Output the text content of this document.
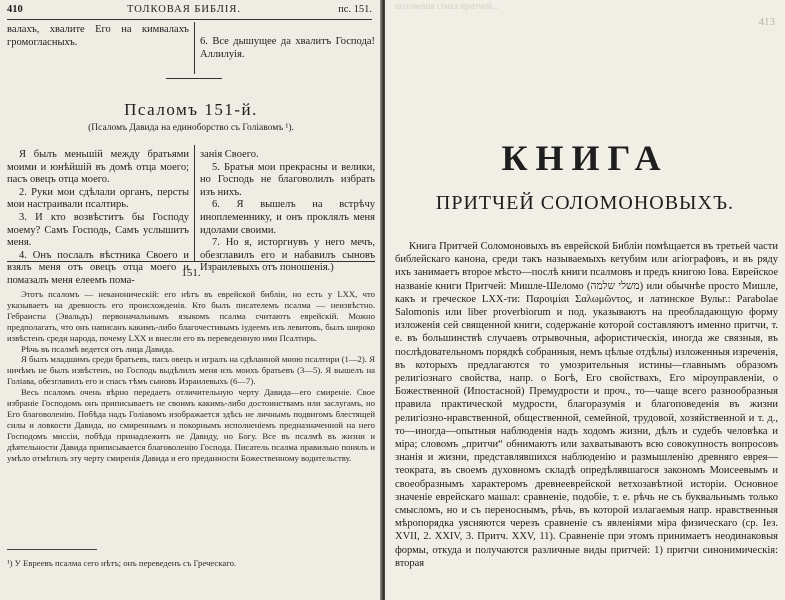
410	ТОЛКОВАЯ БИБЛІЯ.	пс. 151.

валахъ, хвалите Его на кимвалахъ громогласныхъ.	6. Все дышущее да хвалитъ Господа! Аллилуія.

Псаломъ 151-й.
(Псаломъ Давида на единоборство съ Голіавомъ ¹).

Я былъ меньшій между братьями моими и юнѣйшій въ домѣ отца моего; пасъ овецъ отца моего.

2. Руки мои сдѣлали органъ, персты мои настраивали псалтирь.

3. И кто возвѣститъ бы Господу моему? Самъ Господь, Самъ услышитъ меня.

4. Онъ послалъ вѣстника Своего и взялъ меня отъ овецъ отца моего и помазалъ меня елеемъ пома-

занія Своего.

5. Братья мои прекрасны и велики, но Господь не благоволилъ избрать изъ нихъ.

6. Я вышелъ на встрѣчу иноплеменнику, и онъ проклялъ меня идолами своими.

7. Но я, исторгнувъ у него мечъ, обезглавилъ его и набавилъ сыновъ Израилевыхъ отъ поношенія.)

151.

Этотъ псаломъ — неканоническій: его нѣтъ въ еврейской библіи, но есть у LXX, что указываетъ на древность его происхожденія. Кто былъ писателемъ псалма — неизвѣстно. Гебраисты (Эвальдъ) первоначальнымъ языкомъ псалма считаютъ еврейскій. Можно предполагать, что онъ написанъ какимъ-либо благочестивымъ іудеемъ изъ левитовъ, былъ широко извѣстенъ среди народа, почему LXX и внесли его въ переведенную ими Псалтирь.

Рѣчь въ псалмѣ ведется отъ лица Давида.

Я былъ младшимъ среди братьевъ, пасъ овецъ и игралъ на сдѣланной мною псалтири (1—2). Я ничѣмъ не былъ извѣстенъ, но Господь выдѣлилъ меня изъ моихъ братьевъ (3—5). Я вышелъ на Голіава, обезглавилъ его и спасъ тѣмъ сыновъ Израилевыхъ (6—7).

Весь псаломъ очень вѣрно передаетъ отличительную черту Давида—его смиреніе. Свое избраніе Господомъ онъ приписываетъ не своимъ какимъ-либо достоинствамъ или заслугамъ, но Его благоволенію. Побѣда надъ Голіавомъ изображается здѣсь не личнымъ подвигомъ блестящей силы и ловкости Давида, но смиреннымъ и покорнымъ исполненіемъ предназначенной на него Господомъ миссіи, побѣда принадлежитъ не Давиду, но Богу. Все въ псалмѣ въ жизни и дѣятельности Давида приписывается благоволенію Господа. Писатель псалма правильно понялъ и умѣло отмѣтилъ эту черту смиренія Давида и его преданности Божественному водительству.

¹) У Евреевъ псалма сего нѣтъ; онъ переведенъ съ Греческаго.
413
положенія стиха притчей...
КНИГА
ПРИТЧЕЙ СОЛОМОНОВЫХЪ.

Книга Притчей Соломоновыхъ въ еврейской Библіи помѣщается въ третьей части библейскаго канона, среди такъ называемыхъ кетубим или агіографовъ, и въ ряду ихъ занимаетъ второе мѣсто—послѣ книги псалмовъ и предъ книгою Іова. Еврейское названіе книги Притчей: Мишле-Шеломо (משלי שלמה) или обычнѣе просто Мишле, какъ и греческое LXX-ти: Παροιμίαι Σαλωμῶντος, и латинское Вульг.: Parabolae Salomonis или liber proverbiorum и под. указываютъ на преобладающую форму изложенія сей священной книги, содержаніе которой составляютъ именно притчи, т. е. въ большинствѣ случаевъ отрывочныя, афористическія, иногда же связныя, въ послѣдовательномъ порядкѣ собранныя, немъ цѣлые отдѣлы) изложенныя изреченія, въ которыхъ предлагаются то умозрительныя истины—главнымъ образомъ религіознаго свойства, напр. о Богѣ, Его свойствахъ, Его міроуправленіи, о Божественной (Ипостасной) Премудрости и проч., то—чаще всего разнообразныя правила практической мудрости, благоразумія и благоповеденія въ жизни религіозно-нравственной, общественной, семейной, трудовой, хозяйственной и т. д., то—иногда—опытныя наблюденія надъ ходомъ жизни, дѣлъ и судебъ человѣка и міра; словомъ „притчи“ обнимаютъ или захватываютъ всю совокупность вопросовъ знанія и жизни, представлявшихся наблюденію и размышленію древняго еврея—теократа, въ своемъ духовномъ складѣ опредѣлявшагося закономъ Моисеевымъ и своеобразнымъ характеромъ древнееврейской ветхозавѣтной исторіи. Основное значеніе еврейскаго машал: сравненіе, подобіе, т. е. рѣчь не съ буквальнымъ только смысломъ, но и съ переноснымъ, рѣчь, въ которой излагаемыя напр. нравственныя мѣропорядка уясняются черезъ сравненіе съ явленіями міра физическаго (ср. Іез. XVII, 2. XXIV, 3. Притч. XXV, 11). Сравненіе при этомъ принимаетъ неодинаковыя формы, откуда и получаются различные виды притчей: 1) притчи синонимическія: вторая
